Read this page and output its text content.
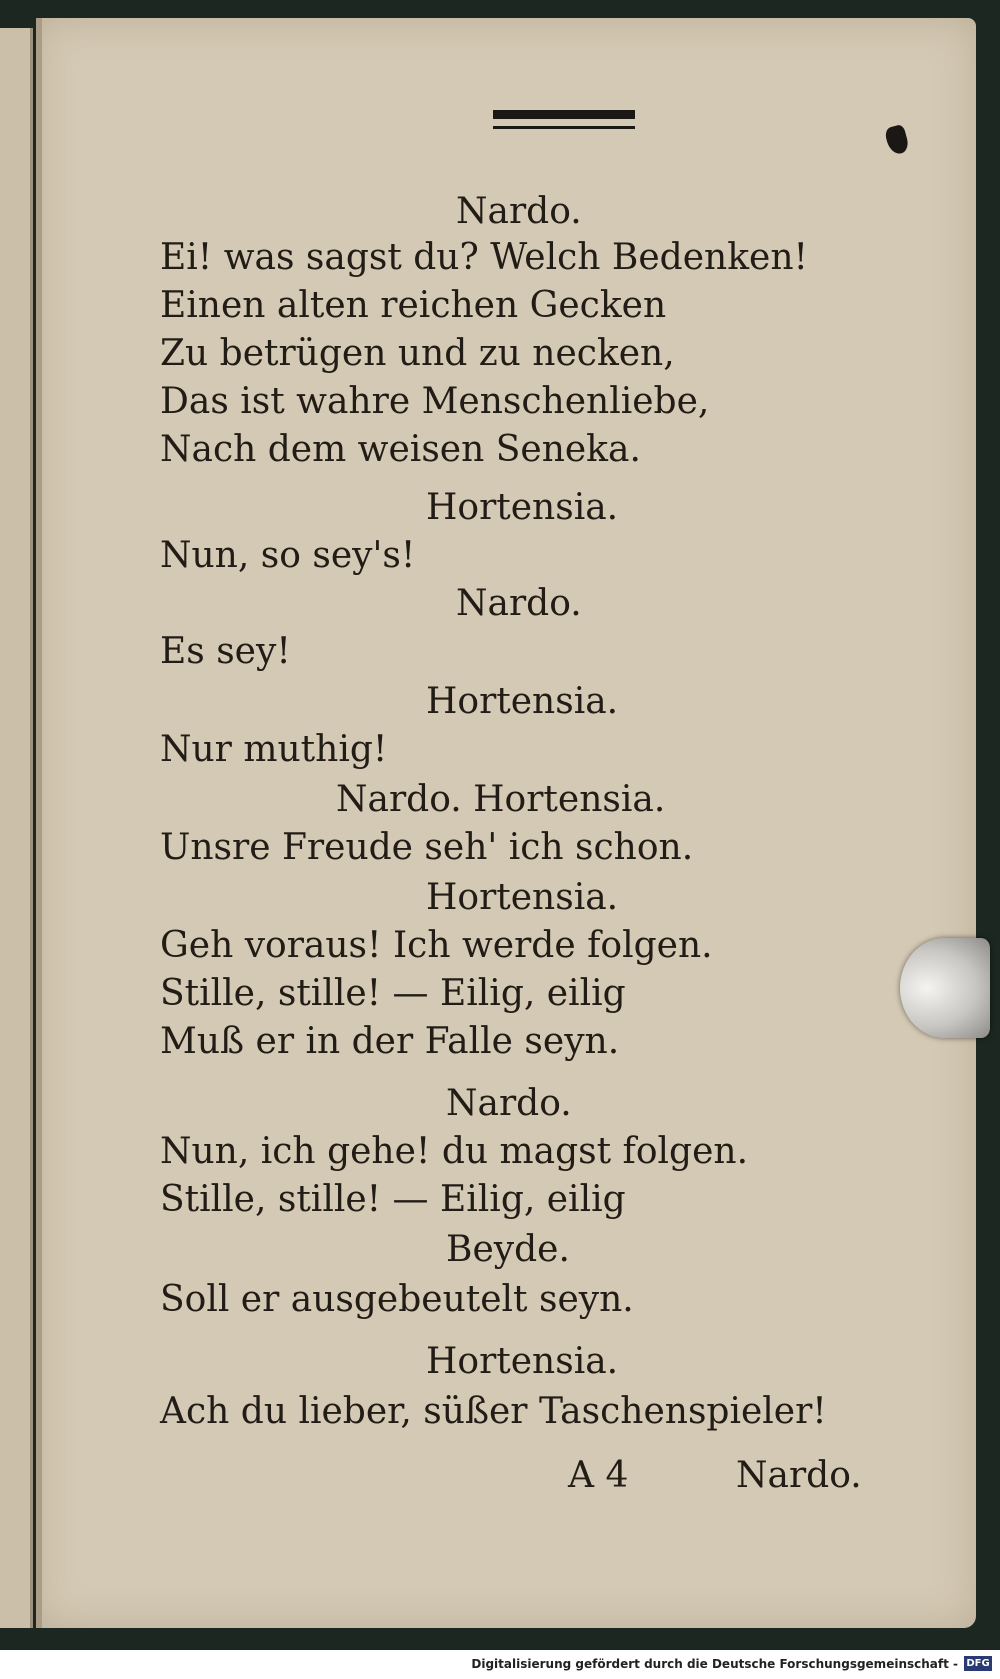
Nardo.
Ei! was sagst du? Welch Bedenken!
Einen alten reichen Gecken
Zu betrügen und zu necken,
Das ist wahre Menschenliebe,
Nach dem weisen Seneka.
Hortensia.
Nun, so sey's!
Nardo.
Es sey!
Hortensia.
Nur muthig!
Nardo. Hortensia.
Unsre Freude seh' ich schon.
Hortensia.
Geh voraus! Ich werde folgen.
Stille, stille! — Eilig, eilig
Muß er in der Falle seyn.
Nardo.
Nun, ich gehe! du magst folgen.
Stille, stille! — Eilig, eilig
Beyde.
Soll er ausgebeutelt seyn.
Hortensia.
Ach du lieber, süßer Taschenspieler!
A 4	Nardo.
Digitalisierung gefördert durch die Deutsche Forschungsgemeinschaft - DFG
